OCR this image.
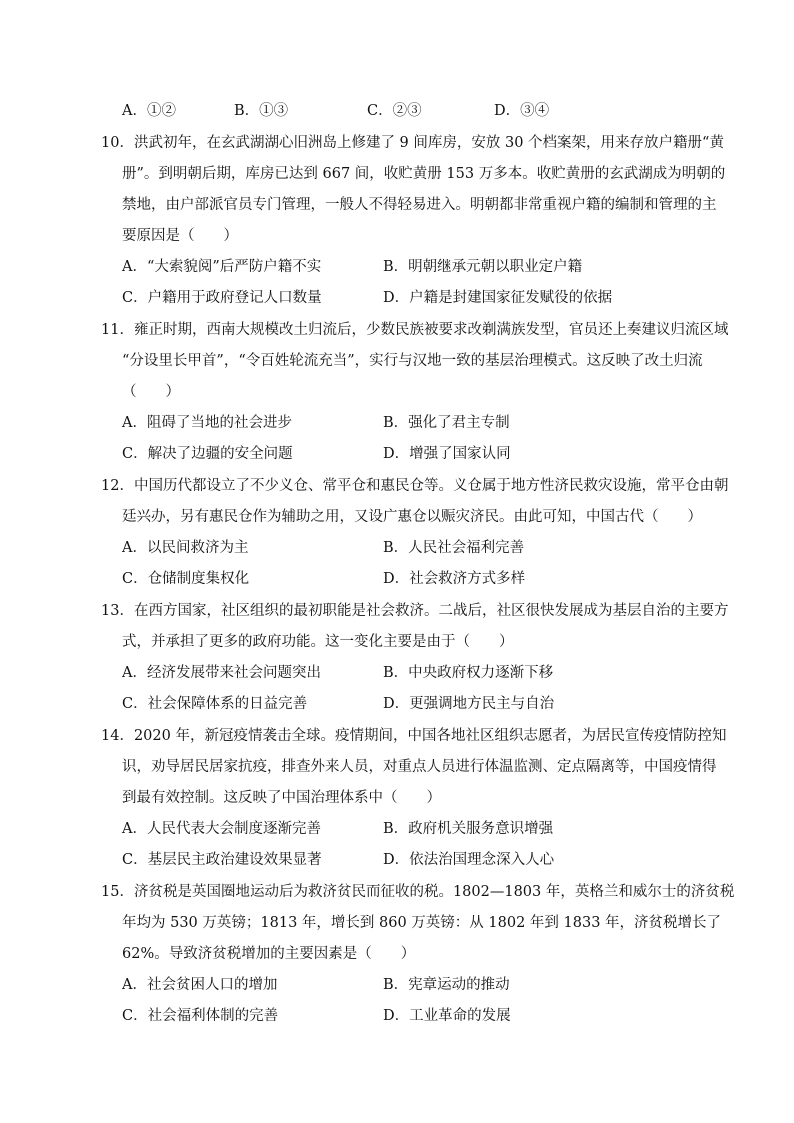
A．①②	B．①③	C．②③	D．③④
10．洪武初年，在玄武湖湖心旧洲岛上修建了 9 间库房，安放 30 个档案架，用来存放户籍册“黄
册”。到明朝后期，库房已达到 667 间，收贮黄册 153 万多本。收贮黄册的玄武湖成为明朝的
禁地，由户部派官员专门管理，一般人不得轻易进入。明朝都非常重视户籍的编制和管理的主
要原因是（　　）
A．“大索貌阅”后严防户籍不实	B．明朝继承元朝以职业定户籍
C．户籍用于政府登记人口数量	D．户籍是封建国家征发赋役的依据
11．雍正时期，西南大规模改土归流后，少数民族被要求改剃满族发型，官员还上奏建议归流区域
“分设里长甲首”，“令百姓轮流充当”，实行与汉地一致的基层治理模式。这反映了改土归流
（　　）
A．阻碍了当地的社会进步	B．强化了君主专制
C．解决了边疆的安全问题	D．增强了国家认同
12．中国历代都设立了不少义仓、常平仓和惠民仓等。义仓属于地方性济民救灾设施，常平仓由朝
廷兴办，另有惠民仓作为辅助之用，又设广惠仓以赈灾济民。由此可知，中国古代（　　）
A．以民间救济为主	B．人民社会福利完善
C．仓储制度集权化	D．社会救济方式多样
13．在西方国家，社区组织的最初职能是社会救济。二战后，社区很快发展成为基层自治的主要方
式，并承担了更多的政府功能。这一变化主要是由于（　　）
A．经济发展带来社会问题突出	B．中央政府权力逐渐下移
C．社会保障体系的日益完善	D．更强调地方民主与自治
14．2020 年，新冠疫情袭击全球。疫情期间，中国各地社区组织志愿者，为居民宣传疫情防控知
识，劝导居民居家抗疫，排查外来人员，对重点人员进行体温监测、定点隔离等，中国疫情得
到最有效控制。这反映了中国治理体系中（　　）
A．人民代表大会制度逐渐完善	B．政府机关服务意识增强
C．基层民主政治建设效果显著	D．依法治国理念深入人心
15．济贫税是英国圈地运动后为救济贫民而征收的税。1802—1803 年，英格兰和威尔士的济贫税
年均为 530 万英镑；1813 年，增长到 860 万英镑：从 1802 年到 1833 年，济贫税增长了
62%。导致济贫税增加的主要因素是（　　）
A．社会贫困人口的增加	B．宪章运动的推动
C．社会福利体制的完善	D．工业革命的发展
